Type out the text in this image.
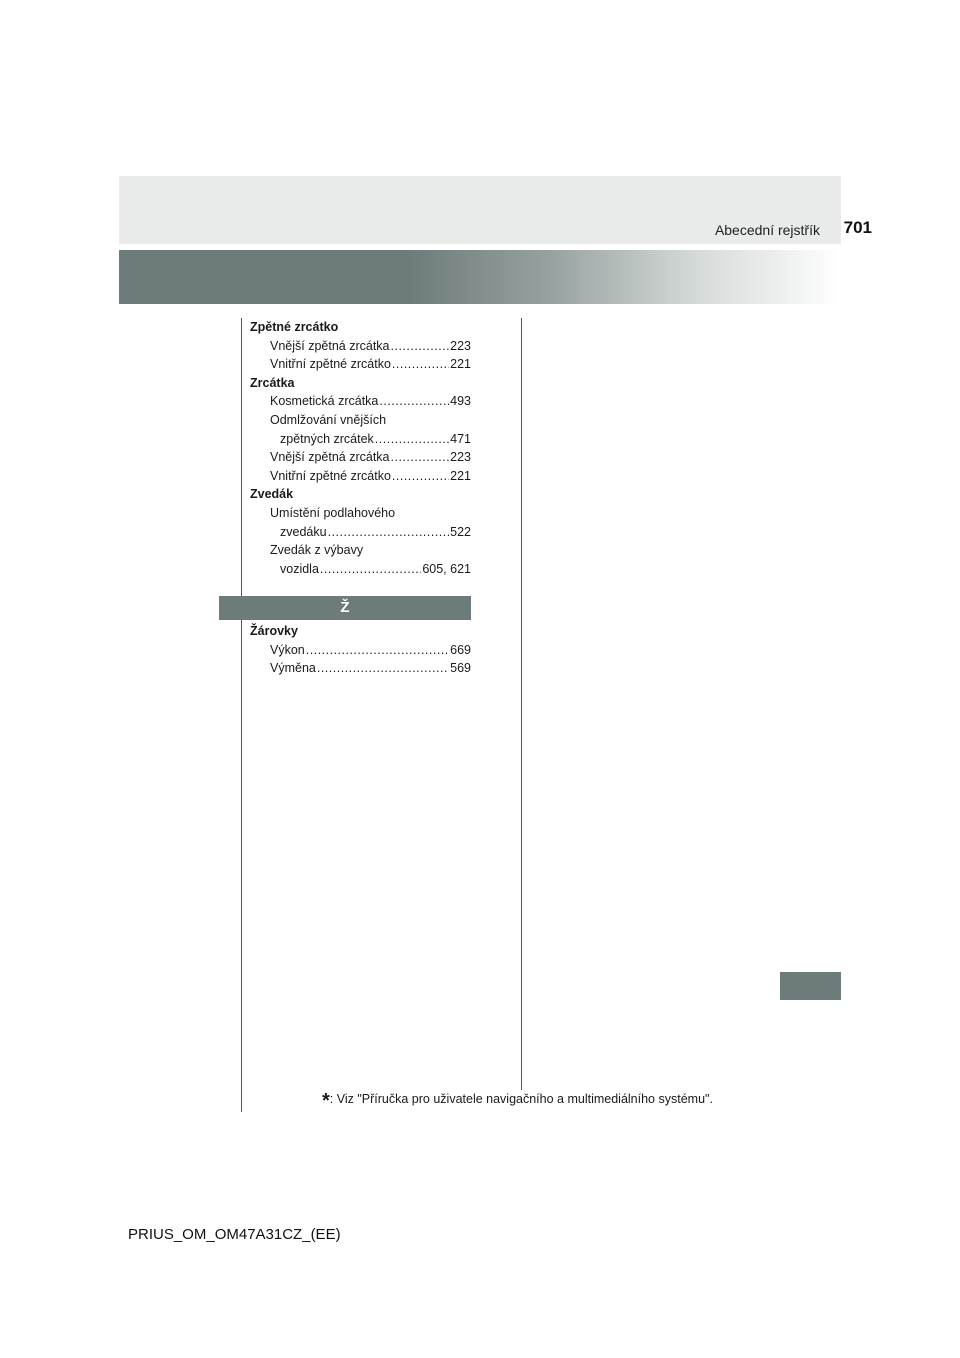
Abecední rejstřík 701
Zpětné zrcátko
Vnější zpětná zrcátka .....	223
Vnitřní zpětné zrcátko .....	221
Zrcátka
Kosmetická zrcátka .....	493
Odmlžování vnějších
zpětných zrcátek .....	471
Vnější zpětná zrcátka .....	223
Vnitřní zpětné zrcátko .....	221
Zvedák
Umístění podlahového
zvedáku .....	522
Zvedák z výbavy
vozidla .....	605, 621
Ž
Žárovky
Výkon .....	669
Výměna .....	569
*: Viz "Příručka pro uživatele navigačního a multimediálního systému".
PRIUS_OM_OM47A31CZ_(EE)
